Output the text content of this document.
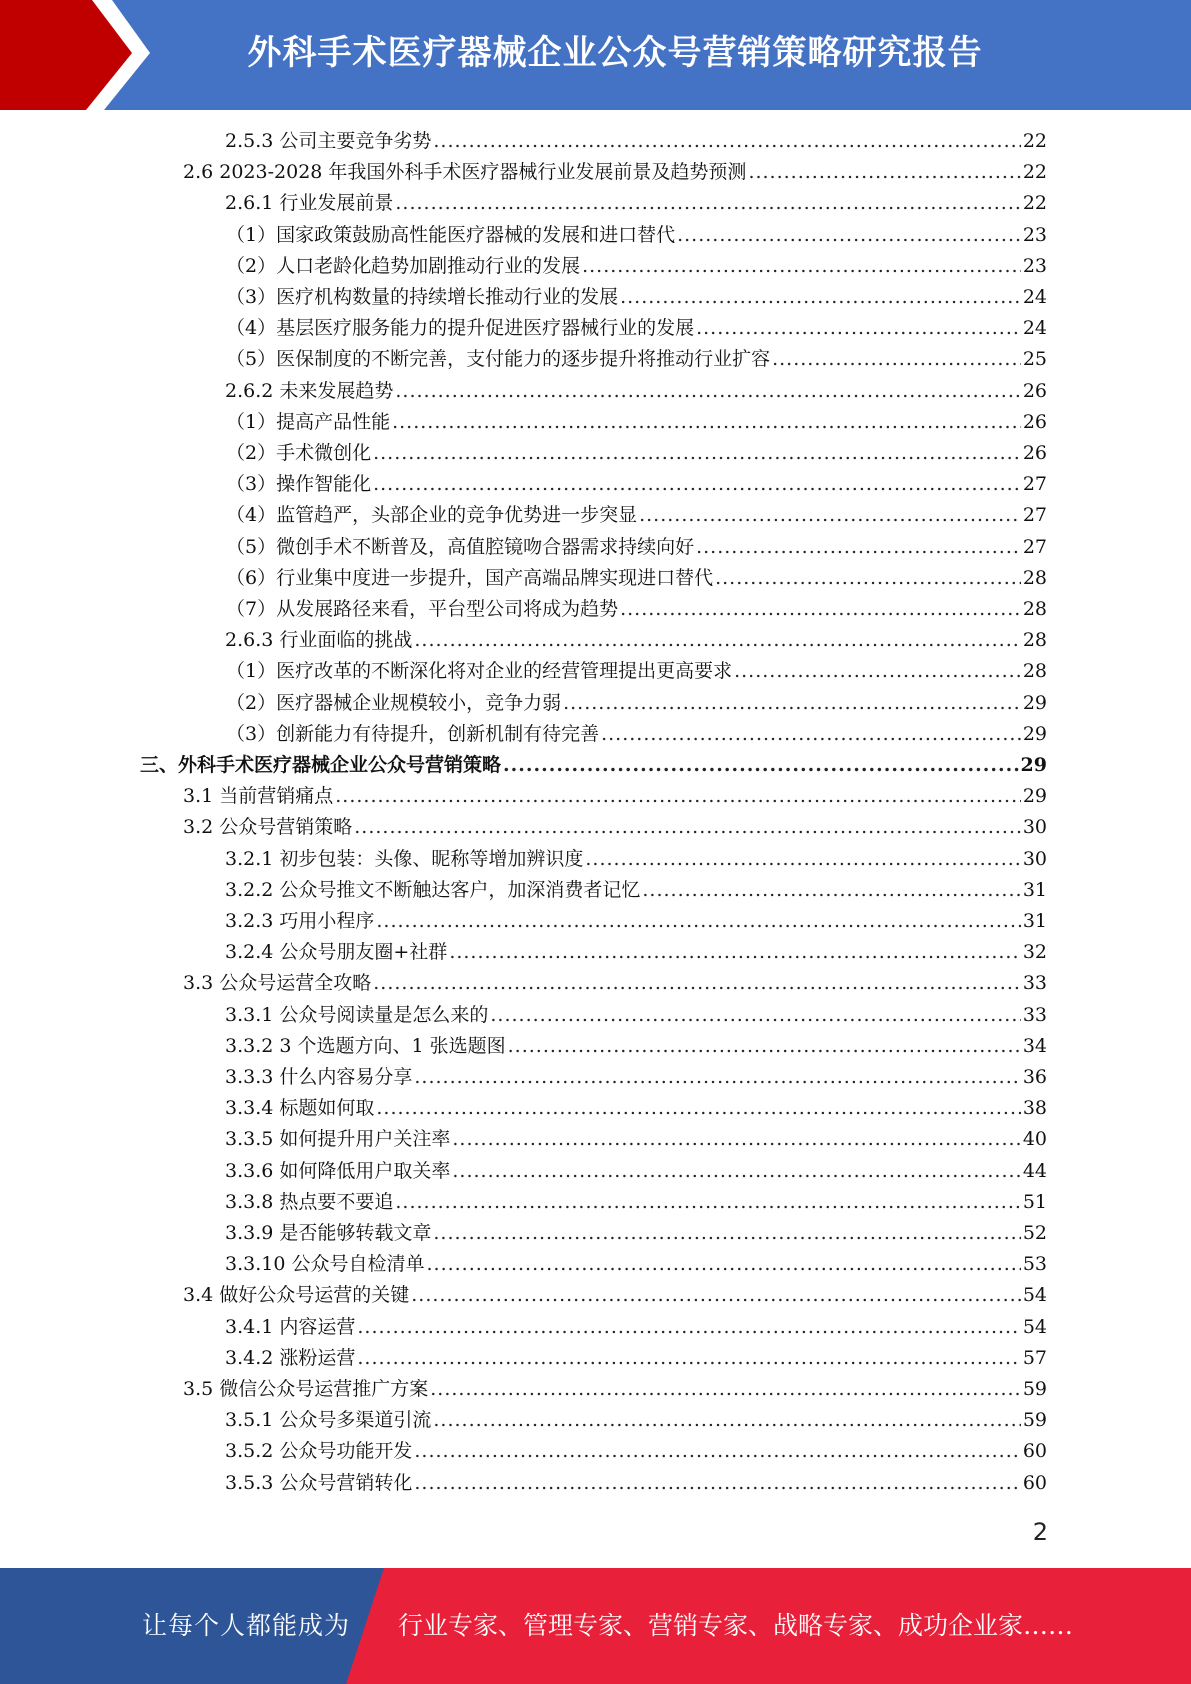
外科手术医疗器械企业公众号营销策略研究报告
2.5.3 公司主要竞争劣势 .....	22
2.6 2023-2028 年我国外科手术医疗器械行业发展前景及趋势预测 .....	22
2.6.1 行业发展前景 .....	22
（1）国家政策鼓励高性能医疗器械的发展和进口替代 .....	23
（2）人口老龄化趋势加剧推动行业的发展 .....	23
（3）医疗机构数量的持续增长推动行业的发展 .....	24
（4）基层医疗服务能力的提升促进医疗器械行业的发展 .....	24
（5）医保制度的不断完善，支付能力的逐步提升将推动行业扩容 .....	25
2.6.2 未来发展趋势 .....	26
（1）提高产品性能 .....	26
（2）手术微创化 .....	26
（3）操作智能化 .....	27
（4）监管趋严，头部企业的竞争优势进一步突显 .....	27
（5）微创手术不断普及，高值腔镜吻合器需求持续向好 .....	27
（6）行业集中度进一步提升，国产高端品牌实现进口替代 .....	28
（7）从发展路径来看，平台型公司将成为趋势 .....	28
2.6.3 行业面临的挑战 .....	28
（1）医疗改革的不断深化将对企业的经营管理提出更高要求 .....	28
（2）医疗器械企业规模较小，竞争力弱 .....	29
（3）创新能力有待提升，创新机制有待完善 .....	29
三、外科手术医疗器械企业公众号营销策略 .....	29
3.1 当前营销痛点 .....	29
3.2 公众号营销策略 .....	30
3.2.1 初步包装：头像、昵称等增加辨识度 .....	30
3.2.2 公众号推文不断触达客户，加深消费者记忆 .....	31
3.2.3 巧用小程序 .....	31
3.2.4 公众号朋友圈+社群 .....	32
3.3 公众号运营全攻略 .....	33
3.3.1 公众号阅读量是怎么来的 .....	33
3.3.2 3 个选题方向、1 张选题图 .....	34
3.3.3 什么内容易分享 .....	36
3.3.4 标题如何取 .....	38
3.3.5 如何提升用户关注率 .....	40
3.3.6 如何降低用户取关率 .....	44
3.3.8 热点要不要追 .....	51
3.3.9 是否能够转载文章 .....	52
3.3.10 公众号自检清单 .....	53
3.4 做好公众号运营的关键 .....	54
3.4.1 内容运营 .....	54
3.4.2 涨粉运营 .....	57
3.5 微信公众号运营推广方案 .....	59
3.5.1 公众号多渠道引流 .....	59
3.5.2 公众号功能开发 .....	60
3.5.3 公众号营销转化 .....	60
2
让每个人都能成为 行业专家、管理专家、营销专家、战略专家、成功企业家……
